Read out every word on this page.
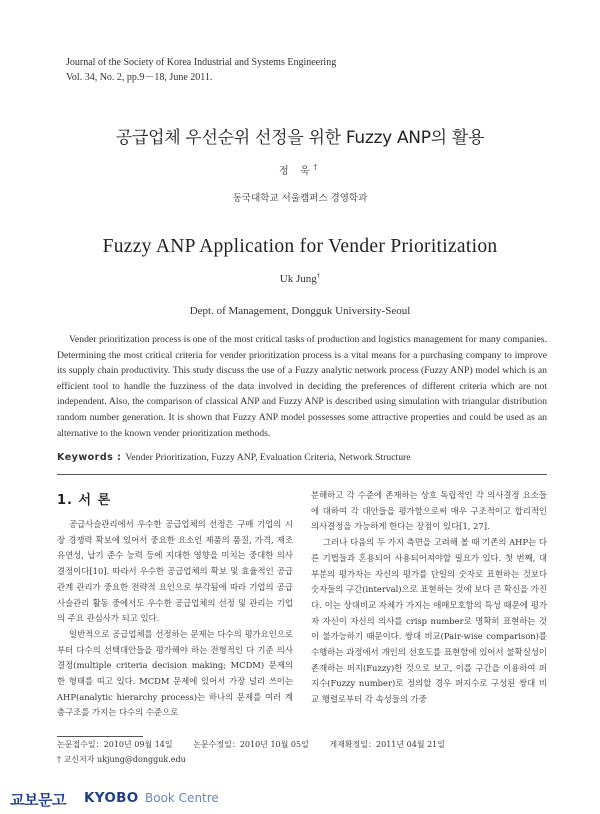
Journal of the Society of Korea Industrial and Systems Engineering
Vol. 34, No. 2, pp.9－18, June 2011.
공급업체 우선순위 선정을 위한 Fuzzy ANP의 활용
정 욱†
동국대학교 서울캠퍼스 경영학과
Fuzzy ANP Application for Vender Prioritization
Uk Jung†
Dept. of Management, Dongguk University-Seoul

Vender prioritization process is one of the most critical tasks of production and logistics management for many companies. Determining the most critical criteria for vender prioritization process is a vital means for a purchasing company to improve its supply chain productivity. This study discuss the use of a Fuzzy analytic network process (Fuzzy ANP) model which is an efficient tool to handle the fuzziness of the data involved in deciding the preferences of different criteria which are not independent. Also, the comparison of classical ANP and Fuzzy ANP is described using simulation with triangular distribution random number generation. It is shown that Fuzzy ANP model possesses some attractive properties and could be used as an alternative to the known vender prioritization methods.

Keywords : Vender Prioritization, Fuzzy ANP, Evaluation Criteria, Network Structure
1. 서 론

공급사슬관리에서 우수한 공급업체의 선정은 구매 기업의 시장 경쟁력 확보에 있어서 중요한 요소인 제품의 품질, 가격, 제조 유연성, 납기 준수 능력 등에 지대한 영향을 미치는 중대한 의사결정이다[10]. 따라서 우수한 공급업체의 확보 및 효율적인 공급관계 관리가 중요한 전략적 요인으로 부각됨에 따라 기업의 공급사슬관리 활동 중에서도 우수한 공급업체의 선정 및 관리는 기업의 주요 관심사가 되고 있다.

일반적으로 공급업체를 선정하는 문제는 다수의 평가요인으로부터 다수의 선택대안들을 평가해야 하는 전형적인 다 기준 의사결정(multiple criteria decision making; MCDM) 문제의 한 형태를 띠고 있다. MCDM 문제에 있어서 가장 널리 쓰이는 AHP(analytic hierarchy process)는 하나의 문제를 여러 계층구조를 가지는 다수의 수준으로

분해하고 각 수준에 존재하는 상호 독립적인 각 의사결정 요소들에 대하여 각 대안들을 평가함으로써 매우 구조적이고 합리적인 의사결정을 가능하게 한다는 장점이 있다[1, 27].

그러나 다음의 두 가지 측면을 고려해 볼 때 기존의 AHP는 다른 기법들과 혼용되어 사용되어져야할 필요가 있다. 첫 번째, 대부분의 평가자는 자신의 평가를 단일의 숫자로 표현하는 것보다 숫자들의 구간(interval)으로 표현하는 것에 보다 큰 확신을 가진다. 이는 상대비교 자체가 가지는 애매모호함의 특성 때문에 평가자 자신이 자신의 의사를 crisp number로 명확히 표현하는 것이 불가능하기 때문이다. 쌍대 비교(Pair-wise comparison)를 수행하는 과정에서 개인의 선호도를 표현함에 있어서 불확실성이 존재하는 퍼지(Fuzzy)한 것으로 보고, 이를 구간을 이용하여 퍼지수(Fuzzy number)로 정의할 경우 퍼지수로 구성된 쌍대 비교 행렬로부터 각 속성들의 가중

논문접수일：2010년 09월 14일	논문수정일：2010년 10월 05일	게재확정일：2011년 04월 21일
† 교신저자 ukjung@dongguk.edu
교보문고 KYOBO Book Centre
